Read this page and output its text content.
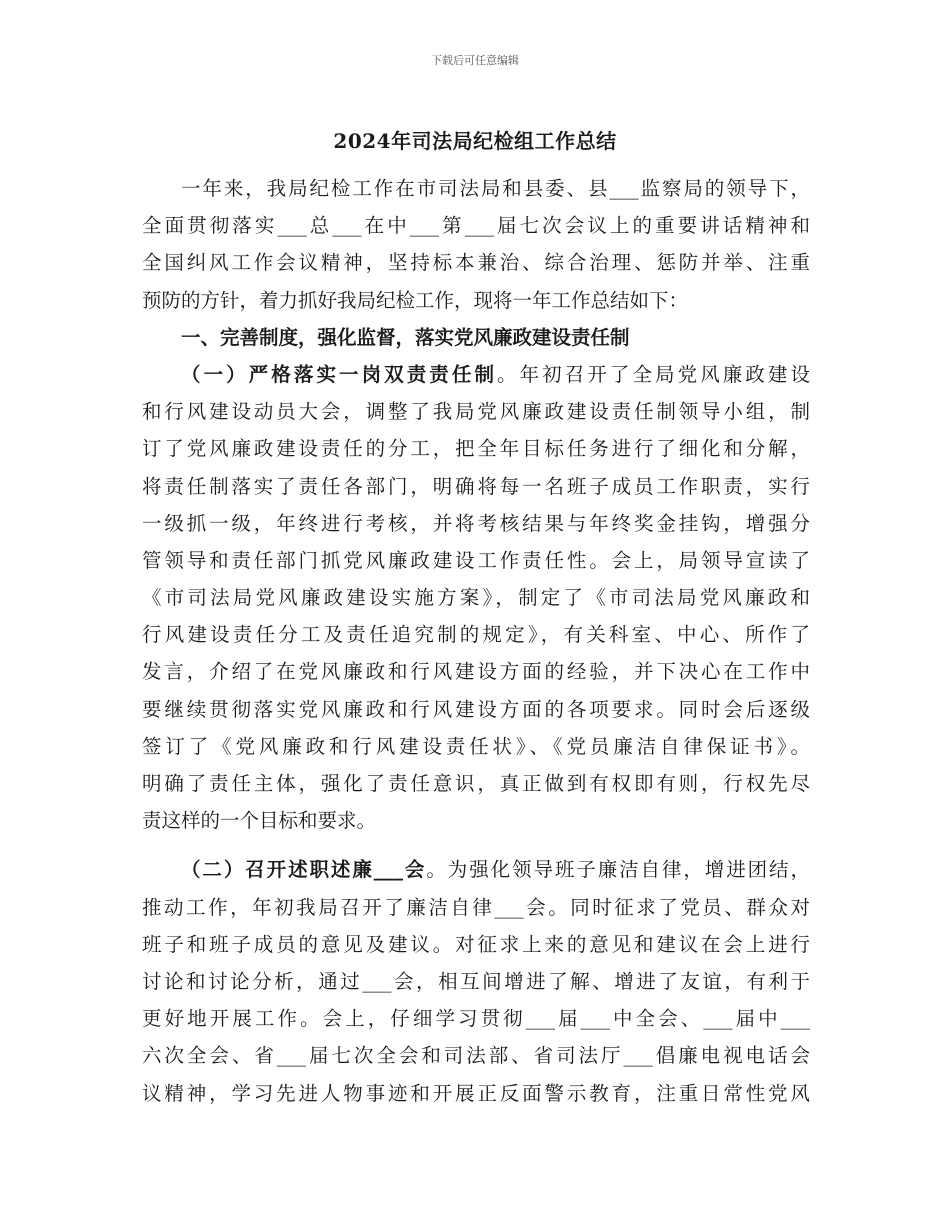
下载后可任意编辑
2024年司法局纪检组工作总结
一年来，我局纪检工作在市司法局和县委、县___监察局的领导下，
全面贯彻落实___总___在中___第___届七次会议上的重要讲话精神和
全国纠风工作会议精神，坚持标本兼治、综合治理、惩防并举、注重
预防的方针，着力抓好我局纪检工作，现将一年工作总结如下：
一、完善制度，强化监督，落实党风廉政建设责任制
（一）严格落实一岗双责责任制。年初召开了全局党风廉政建设
和行风建设动员大会，调整了我局党风廉政建设责任制领导小组，制
订了党风廉政建设责任的分工，把全年目标任务进行了细化和分解，
将责任制落实了责任各部门，明确将每一名班子成员工作职责，实行
一级抓一级，年终进行考核，并将考核结果与年终奖金挂钩，增强分
管领导和责任部门抓党风廉政建设工作责任性。会上，局领导宣读了
《市司法局党风廉政建设实施方案》，制定了《市司法局党风廉政和
行风建设责任分工及责任追究制的规定》，有关科室、中心、所作了
发言，介绍了在党风廉政和行风建设方面的经验，并下决心在工作中
要继续贯彻落实党风廉政和行风建设方面的各项要求。同时会后逐级
签订了《党风廉政和行风建设责任状》、《党员廉洁自律保证书》。
明确了责任主体，强化了责任意识，真正做到有权即有则，行权先尽
责这样的一个目标和要求。
（二）召开述职述廉___会。为强化领导班子廉洁自律，增进团结，
推动工作，年初我局召开了廉洁自律___会。同时征求了党员、群众对
班子和班子成员的意见及建议。对征求上来的意见和建议在会上进行
讨论和讨论分析，通过___会，相互间增进了解、增进了友谊，有利于
更好地开展工作。会上，仔细学习贯彻___届___中全会、___届中___
六次全会、省___届七次全会和司法部、省司法厅___倡廉电视电话会
议精神，学习先进人物事迹和开展正反面警示教育，注重日常性党风
